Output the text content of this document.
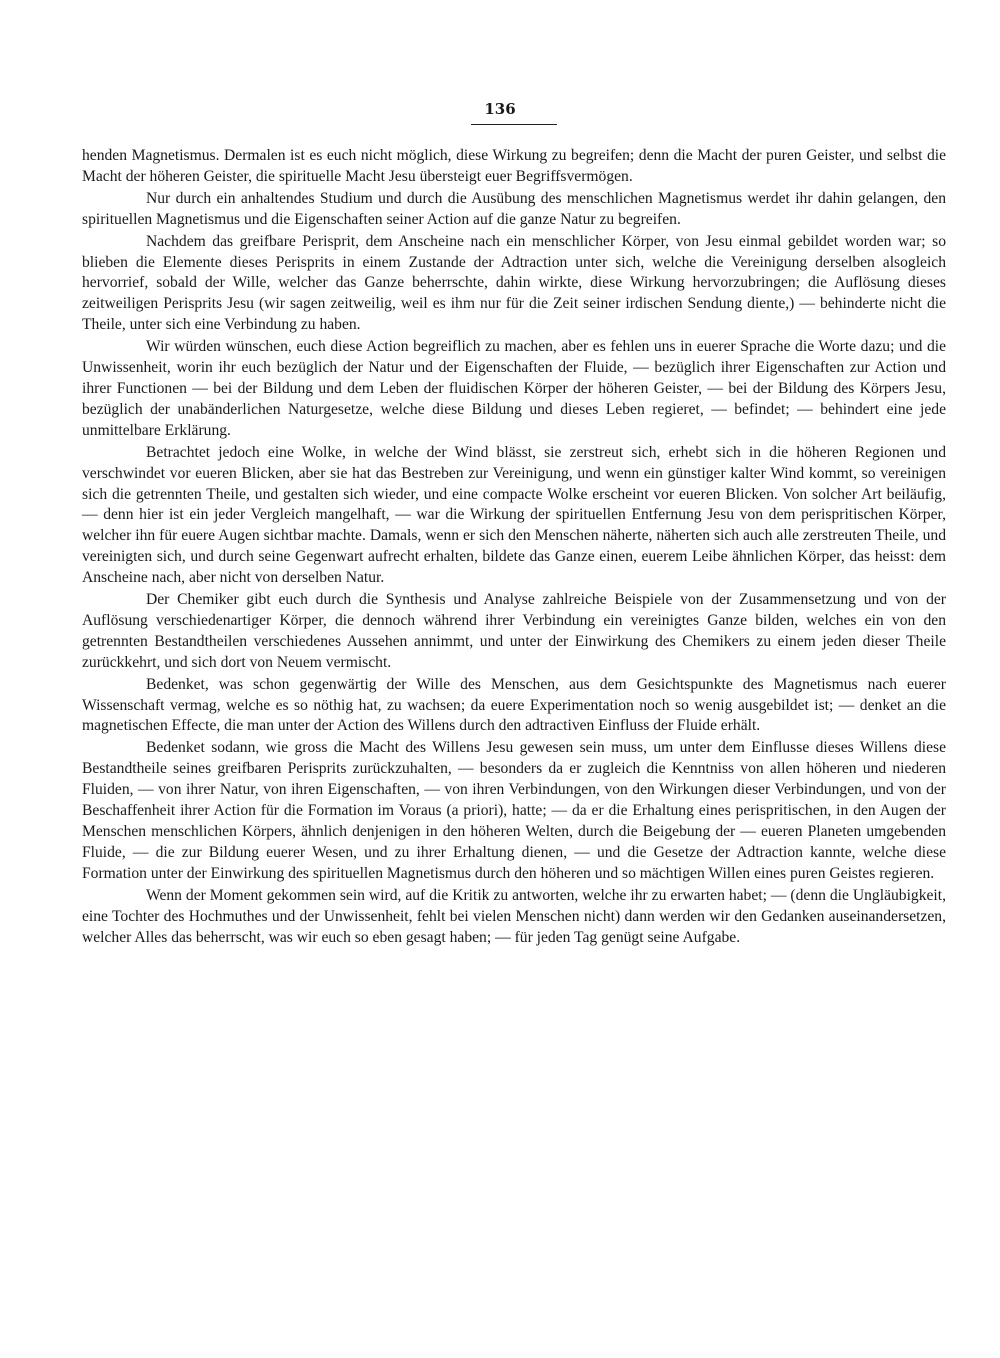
136

henden Magnetismus. Dermalen ist es euch nicht möglich, diese Wirkung zu begreifen; denn die Macht der puren Geister, und selbst die Macht der höheren Geister, die spirituelle Macht Jesu übersteigt euer Begriffsvermögen.

Nur durch ein anhaltendes Studium und durch die Ausübung des menschlichen Magnetismus werdet ihr dahin gelangen, den spirituellen Magnetismus und die Eigenschaften seiner Action auf die ganze Natur zu begreifen.

Nachdem das greifbare Perisprit, dem Anscheine nach ein menschlicher Körper, von Jesu einmal gebildet worden war; so blieben die Elemente dieses Perisprits in einem Zustande der Adtraction unter sich, welche die Vereinigung derselben alsogleich hervorrief, sobald der Wille, welcher das Ganze beherrschte, dahin wirkte, diese Wirkung hervorzubringen; die Auflösung dieses zeitweiligen Perisprits Jesu (wir sagen zeitweilig, weil es ihm nur für die Zeit seiner irdischen Sendung diente,) — behinderte nicht die Theile, unter sich eine Verbindung zu haben.

Wir würden wünschen, euch diese Action begreiflich zu machen, aber es fehlen uns in euerer Sprache die Worte dazu; und die Unwissenheit, worin ihr euch bezüglich der Natur und der Eigenschaften der Fluide, — bezüglich ihrer Eigenschaften zur Action und ihrer Functionen — bei der Bildung und dem Leben der fluidischen Körper der höheren Geister, — bei der Bildung des Körpers Jesu, bezüglich der unabänderlichen Naturgesetze, welche diese Bildung und dieses Leben regieret, — befindet; — behindert eine jede unmittelbare Erklärung.

Betrachtet jedoch eine Wolke, in welche der Wind blässt, sie zerstreut sich, erhebt sich in die höheren Regionen und verschwindet vor eueren Blicken, aber sie hat das Bestreben zur Vereinigung, und wenn ein günstiger kalter Wind kommt, so vereinigen sich die getrennten Theile, und gestalten sich wieder, und eine compacte Wolke erscheint vor eueren Blicken. Von solcher Art beiläufig, — denn hier ist ein jeder Vergleich mangelhaft, — war die Wirkung der spirituellen Entfernung Jesu von dem perispritischen Körper, welcher ihn für euere Augen sichtbar machte. Damals, wenn er sich den Menschen näherte, näherten sich auch alle zerstreuten Theile, und vereinigten sich, und durch seine Gegenwart aufrecht erhalten, bildete das Ganze einen, euerem Leibe ähnlichen Körper, das heisst: dem Anscheine nach, aber nicht von derselben Natur.

Der Chemiker gibt euch durch die Synthesis und Analyse zahlreiche Beispiele von der Zusammensetzung und von der Auflösung verschiedenartiger Körper, die dennoch während ihrer Verbindung ein vereinigtes Ganze bilden, welches ein von den getrennten Bestandtheilen verschiedenes Aussehen annimmt, und unter der Einwirkung des Chemikers zu einem jeden dieser Theile zurückkehrt, und sich dort von Neuem vermischt.

Bedenket, was schon gegenwärtig der Wille des Menschen, aus dem Gesichtspunkte des Magnetismus nach euerer Wissenschaft vermag, welche es so nöthig hat, zu wachsen; da euere Experimentation noch so wenig ausgebildet ist; — denket an die magnetischen Effecte, die man unter der Action des Willens durch den adtractiven Einfluss der Fluide erhält.

Bedenket sodann, wie gross die Macht des Willens Jesu gewesen sein muss, um unter dem Einflusse dieses Willens diese Bestandtheile seines greifbaren Perisprits zurückzuhalten, — besonders da er zugleich die Kenntniss von allen höheren und niederen Fluiden, — von ihrer Natur, von ihren Eigenschaften, — von ihren Verbindungen, von den Wirkungen dieser Verbindungen, und von der Beschaffenheit ihrer Action für die Formation im Voraus (a priori), hatte; — da er die Erhaltung eines perispritischen, in den Augen der Menschen menschlichen Körpers, ähnlich denjenigen in den höheren Welten, durch die Beigebung der — eueren Planeten umgebenden Fluide, — die zur Bildung euerer Wesen, und zu ihrer Erhaltung dienen, — und die Gesetze der Adtraction kannte, welche diese Formation unter der Einwirkung des spirituellen Magnetismus durch den höheren und so mächtigen Willen eines puren Geistes regieren.

Wenn der Moment gekommen sein wird, auf die Kritik zu antworten, welche ihr zu erwarten habet; — (denn die Ungläubigkeit, eine Tochter des Hochmuthes und der Unwissenheit, fehlt bei vielen Menschen nicht) dann werden wir den Gedanken auseinandersetzen, welcher Alles das beherrscht, was wir euch so eben gesagt haben; — für jeden Tag genügt seine Aufgabe.
